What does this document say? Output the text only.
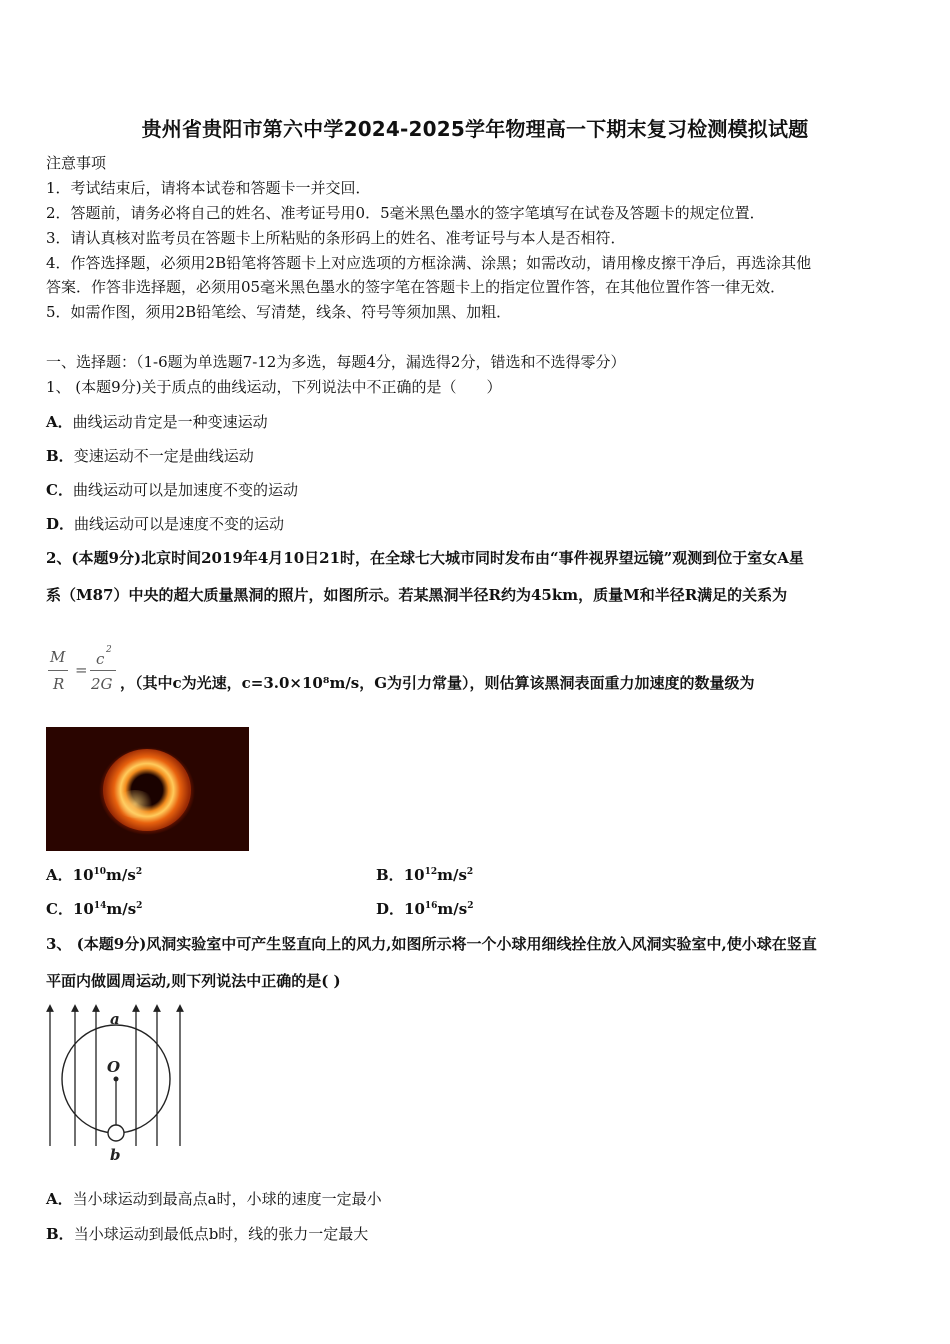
贵州省贵阳市第六中学2024-2025学年物理高一下期末复习检测模拟试题
注意事项
1．考试结束后，请将本试卷和答题卡一并交回．
2．答题前，请务必将自己的姓名、准考证号用0．5毫米黑色墨水的签字笔填写在试卷及答题卡的规定位置．
3．请认真核对监考员在答题卡上所粘贴的条形码上的姓名、准考证号与本人是否相符．
4．作答选择题，必须用2B铅笔将答题卡上对应选项的方框涂满、涂黑；如需改动，请用橡皮擦干净后，再选涂其他
答案．作答非选择题，必须用05毫米黑色墨水的签字笔在答题卡上的指定位置作答，在其他位置作答一律无效．
5．如需作图，须用2B铅笔绘、写清楚，线条、符号等须加黑、加粗．
一、选择题：（1-6题为单选题7-12为多选，每题4分，漏选得2分，错选和不选得零分）
1、 (本题9分)关于质点的曲线运动，下列说法中不正确的是（　　）
A．曲线运动肯定是一种变速运动
B．变速运动不一定是曲线运动
C．曲线运动可以是加速度不变的运动
D．曲线运动可以是速度不变的运动
2、(本题9分)北京时间2019年4月10日21时，在全球七大城市同时发布由“事件视界望远镜”观测到位于室女A星
系（M87）中央的超大质量黑洞的照片，如图所示。若某黑洞半径R约为45km，质量M和半径R满足的关系为
M
R
=
c 2
2G ，（其中c为光速，c=3.0×10⁸m/s，G为引力常量），则估算该黑洞表面重力加速度的数量级为
A．$10^{10}m/s^2$	B．$10^{12}m/s^2$
C．$10^{14}m/s^2$	D．$10^{16}m/s^2$
3、 (本题9分)风洞实验室中可产生竖直向上的风力,如图所示将一个小球用细线拴住放入风洞实验室中,使小球在竖直
平面内做圆周运动,则下列说法中正确的是( )
a
O
b
A．当小球运动到最高点a时，小球的速度一定最小
B．当小球运动到最低点b时，线的张力一定最大
